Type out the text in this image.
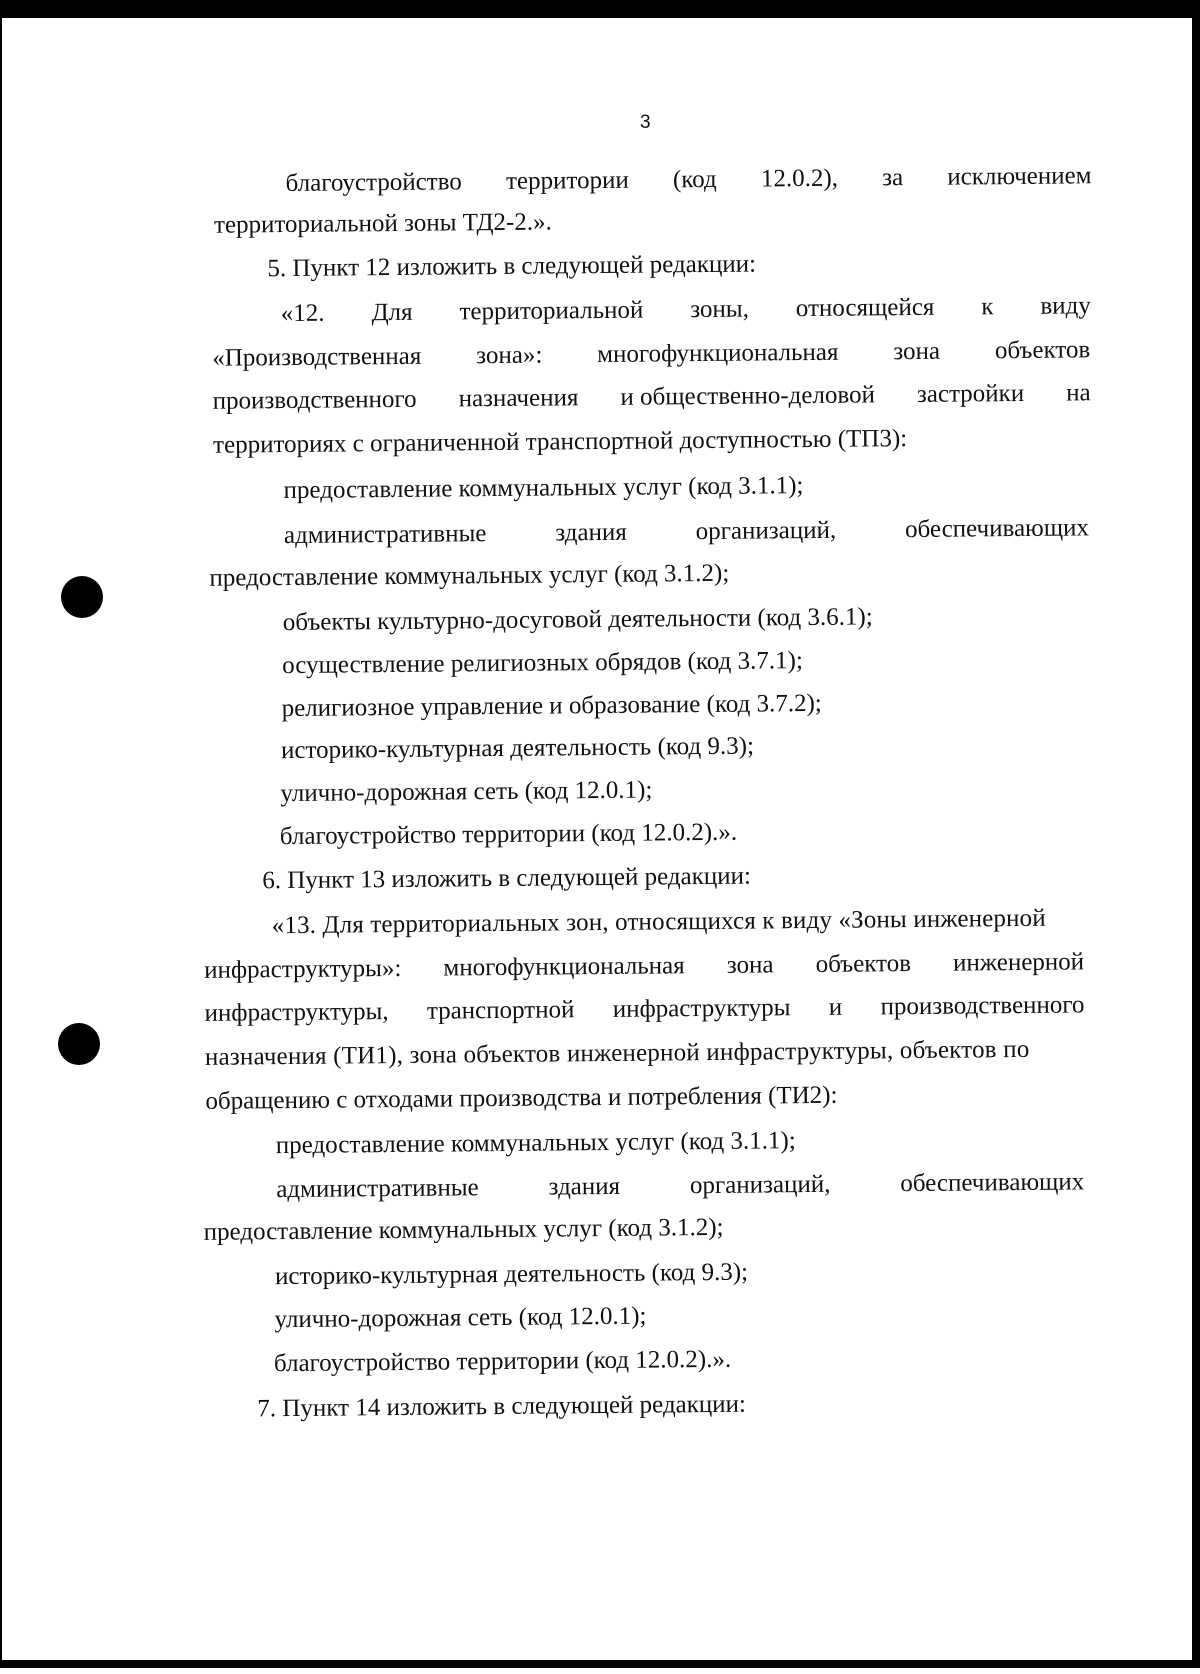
3
благоустройство территории (код 12.0.2), за исключением
территориальной зоны ТД2-2.».
5. Пункт 12 изложить в следующей редакции:
«12. Для территориальной зоны, относящейся к виду
«Производственная зона»: многофункциональная зона объектов
производственного назначения и общественно-деловой застройки на
территориях с ограниченной транспортной доступностью (ТП3):
предоставление коммунальных услуг (код 3.1.1);
административные	здания	организаций,	обеспечивающих
предоставление коммунальных услуг (код 3.1.2);
объекты культурно-досуговой деятельности (код 3.6.1);
осуществление религиозных обрядов (код 3.7.1);
религиозное управление и образование (код 3.7.2);
историко-культурная деятельность (код 9.3);
улично-дорожная сеть (код 12.0.1);
благоустройство территории (код 12.0.2).».
6. Пункт 13 изложить в следующей редакции:
«13. Для территориальных зон, относящихся к виду «Зоны инженерной
инфраструктуры»: многофункциональная зона объектов инженерной
инфраструктуры, транспортной инфраструктуры и производственного
назначения (ТИ1), зона объектов инженерной инфраструктуры, объектов по
обращению с отходами производства и потребления (ТИ2):
предоставление коммунальных услуг (код 3.1.1);
административные	здания	организаций,	обеспечивающих
предоставление коммунальных услуг (код 3.1.2);
историко-культурная деятельность (код 9.3);
улично-дорожная сеть (код 12.0.1);
благоустройство территории (код 12.0.2).».
7. Пункт 14 изложить в следующей редакции:
